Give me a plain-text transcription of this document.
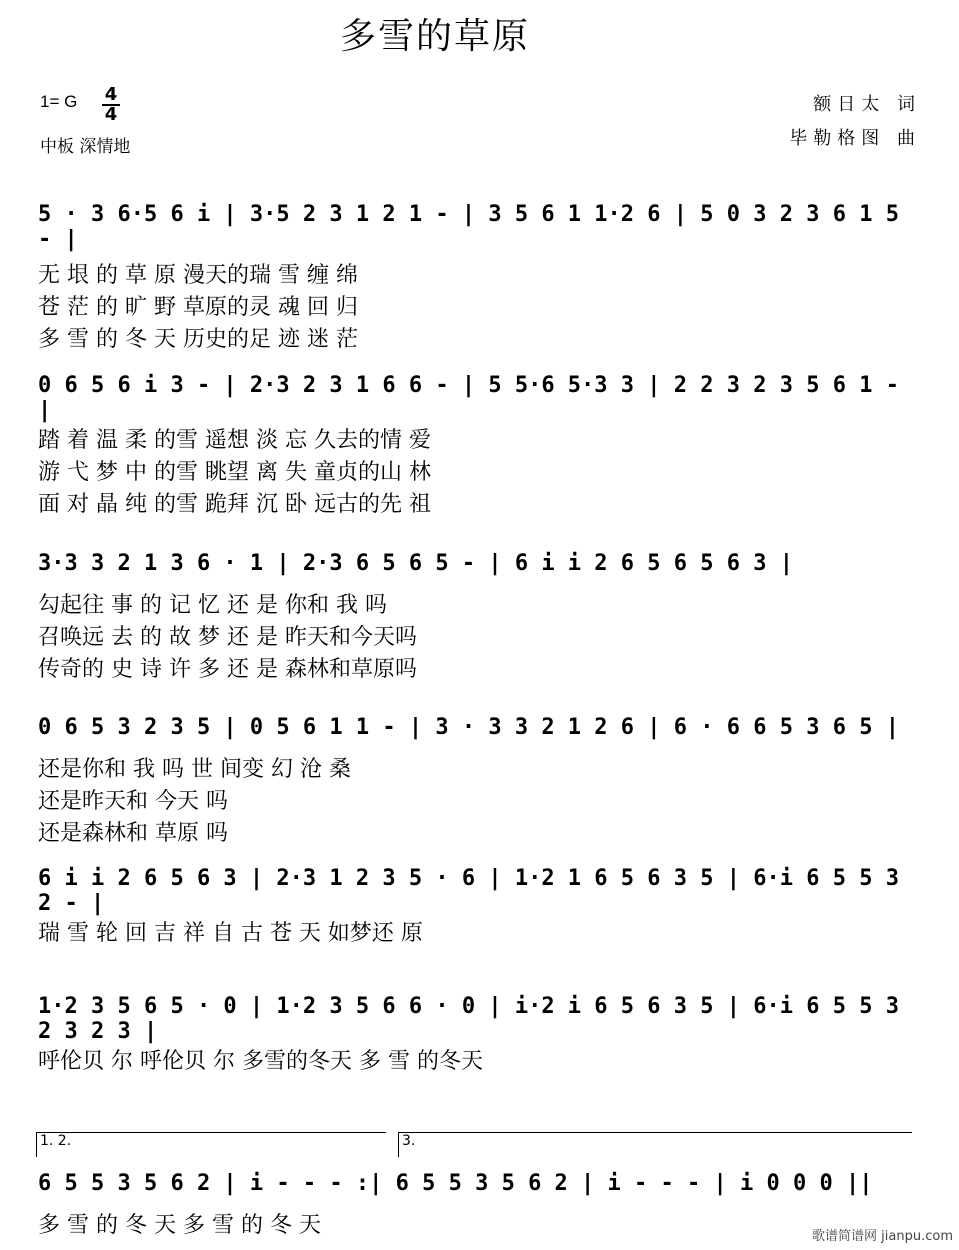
多雪的草原
1= G 4
4
中板 深情地
额日太 词
毕勒格图 曲
5 · 3 6·5 6 i | 3·5 2 3 1 2 1 - | 3 5 6 1 1·2 6 | 5 0 3 2 3 6 1 5 - |
无 垠 的 草 原 漫天的瑞 雪 缠 绵
苍 茫 的 旷 野 草原的灵 魂 回 归
多 雪 的 冬 天 历史的足 迹 迷 茫
0 6 5 6 i 3 - | 2·3 2 3 1 6 6 - | 5 5·6 5·3 3 | 2 2 3 2 3 5 6 1 - |
踏 着 温 柔 的雪 遥想 淡 忘 久去的情 爱
游 弋 梦 中 的雪 眺望 离 失 童贞的山 林
面 对 晶 纯 的雪 跪拜 沉 卧 远古的先 祖
3·3 3 2 1 3 6 · 1 | 2·3 6 5 6 5 - | 6 i i 2 6 5 6 5 6 3 |
勾起往 事 的 记 忆 还 是 你和 我 吗
召唤远 去 的 故 梦 还 是 昨天和今天吗
传奇的 史 诗 许 多 还 是 森林和草原吗
0 6 5 3 2 3 5 | 0 5 6 1 1 - | 3 · 3 3 2 1 2 6 | 6 · 6 6 5 3 6 5 |
还是你和 我 吗 世 间变 幻 沧 桑
还是昨天和 今天 吗
还是森林和 草原 吗
6 i i 2 6 5 6 3 | 2·3 1 2 3 5 · 6 | 1·2 1 6 5 6 3 5 | 6·i 6 5 5 3 2 - |
瑞 雪 轮 回 吉 祥 自 古 苍 天 如梦还 原
1·2 3 5 6 5 · 0 | 1·2 3 5 6 6 · 0 | i·2 i 6 5 6 3 5 | 6·i 6 5 5 3 2 3 2 3 |
呼伦贝 尔 呼伦贝 尔 多雪的冬天 多 雪 的冬天
1. 2.	3.
6 5 5 3 5 6 2 | i - - - :| 6 5 5 3 5 6 2 | i - - - | i 0 0 0 ||
多 雪 的 冬 天 多 雪 的 冬 天	歌谱简谱网 jianpu.com
